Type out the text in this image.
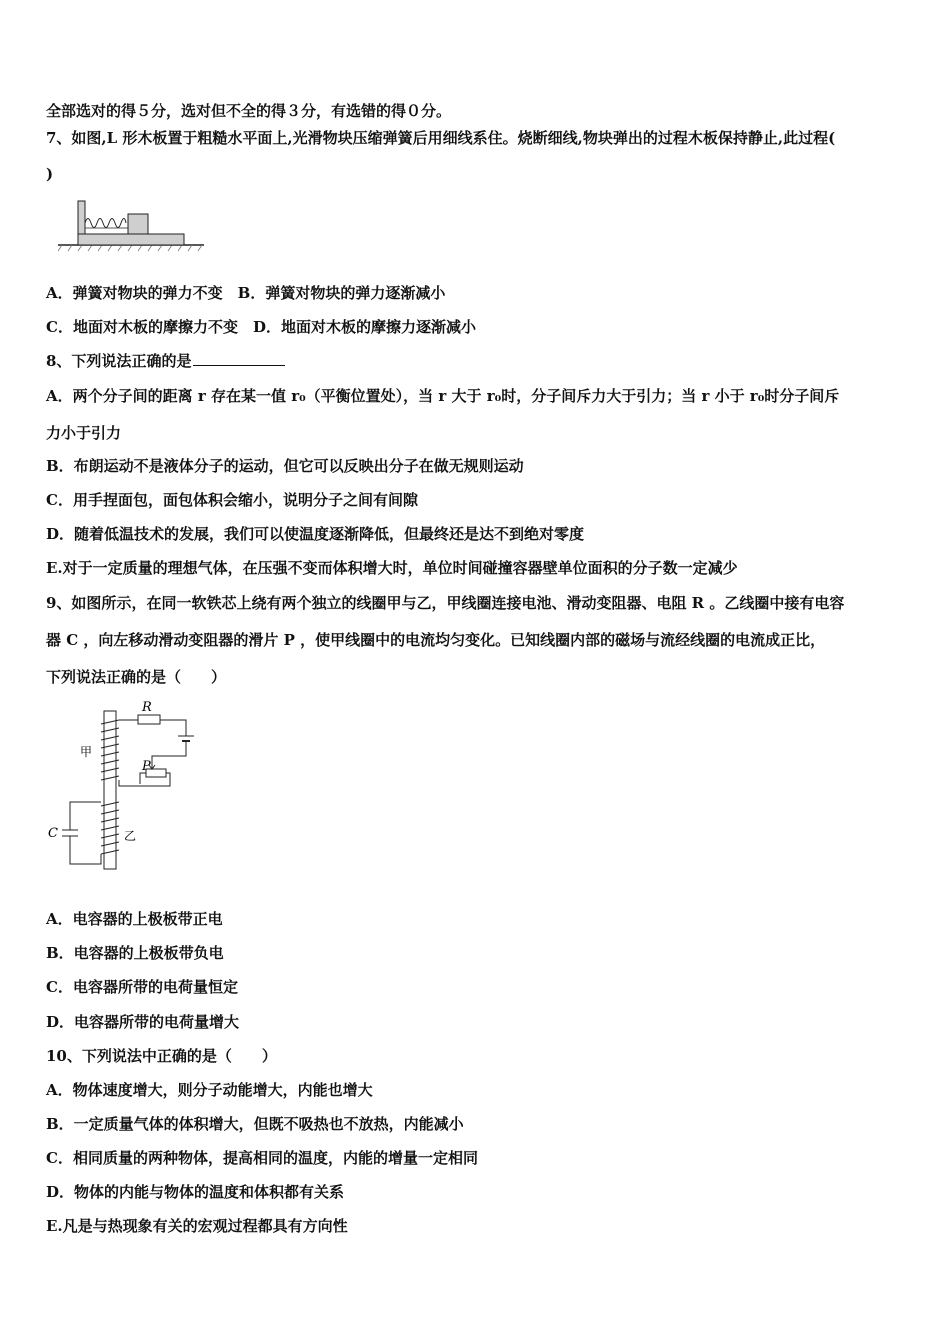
全部选对的得５分，选对但不全的得３分，有选错的得０分。
7、如图,L 形木板置于粗糙水平面上,光滑物块压缩弹簧后用细线系住。烧断细线,物块弹出的过程木板保持静止,此过程(
)
A．弹簧对物块的弹力不变　B．弹簧对物块的弹力逐渐减小
C．地面对木板的摩擦力不变　D．地面对木板的摩擦力逐渐减小
8、下列说法正确的是
A．两个分子间的距离 r 存在某一值 r₀（平衡位置处），当 r 大于 r₀时，分子间斥力大于引力；当 r 小于 r₀时分子间斥
力小于引力
B．布朗运动不是液体分子的运动，但它可以反映出分子在做无规则运动
C．用手捏面包，面包体积会缩小，说明分子之间有间隙
D．随着低温技术的发展，我们可以使温度逐渐降低，但最终还是达不到绝对零度
E.对于一定质量的理想气体，在压强不变而体积增大时，单位时间碰撞容器壁单位面积的分子数一定减少
9、如图所示，在同一软铁芯上绕有两个独立的线圈甲与乙，甲线圈连接电池、滑动变阻器、电阻 R 。乙线圈中接有电容
器 C ，向左移动滑动变阻器的滑片 P ，使甲线圈中的电流均匀变化。已知线圈内部的磁场与流经线圈的电流成正比，
下列说法正确的是（　　）
R
P
C
甲
乙
A．电容器的上极板带正电
B．电容器的上极板带负电
C．电容器所带的电荷量恒定
D．电容器所带的电荷量增大
10、下列说法中正确的是（　　）
A．物体速度增大，则分子动能增大，内能也增大
B．一定质量气体的体积增大，但既不吸热也不放热，内能减小
C．相同质量的两种物体，提高相同的温度，内能的增量一定相同
D．物体的内能与物体的温度和体积都有关系
E.凡是与热现象有关的宏观过程都具有方向性
